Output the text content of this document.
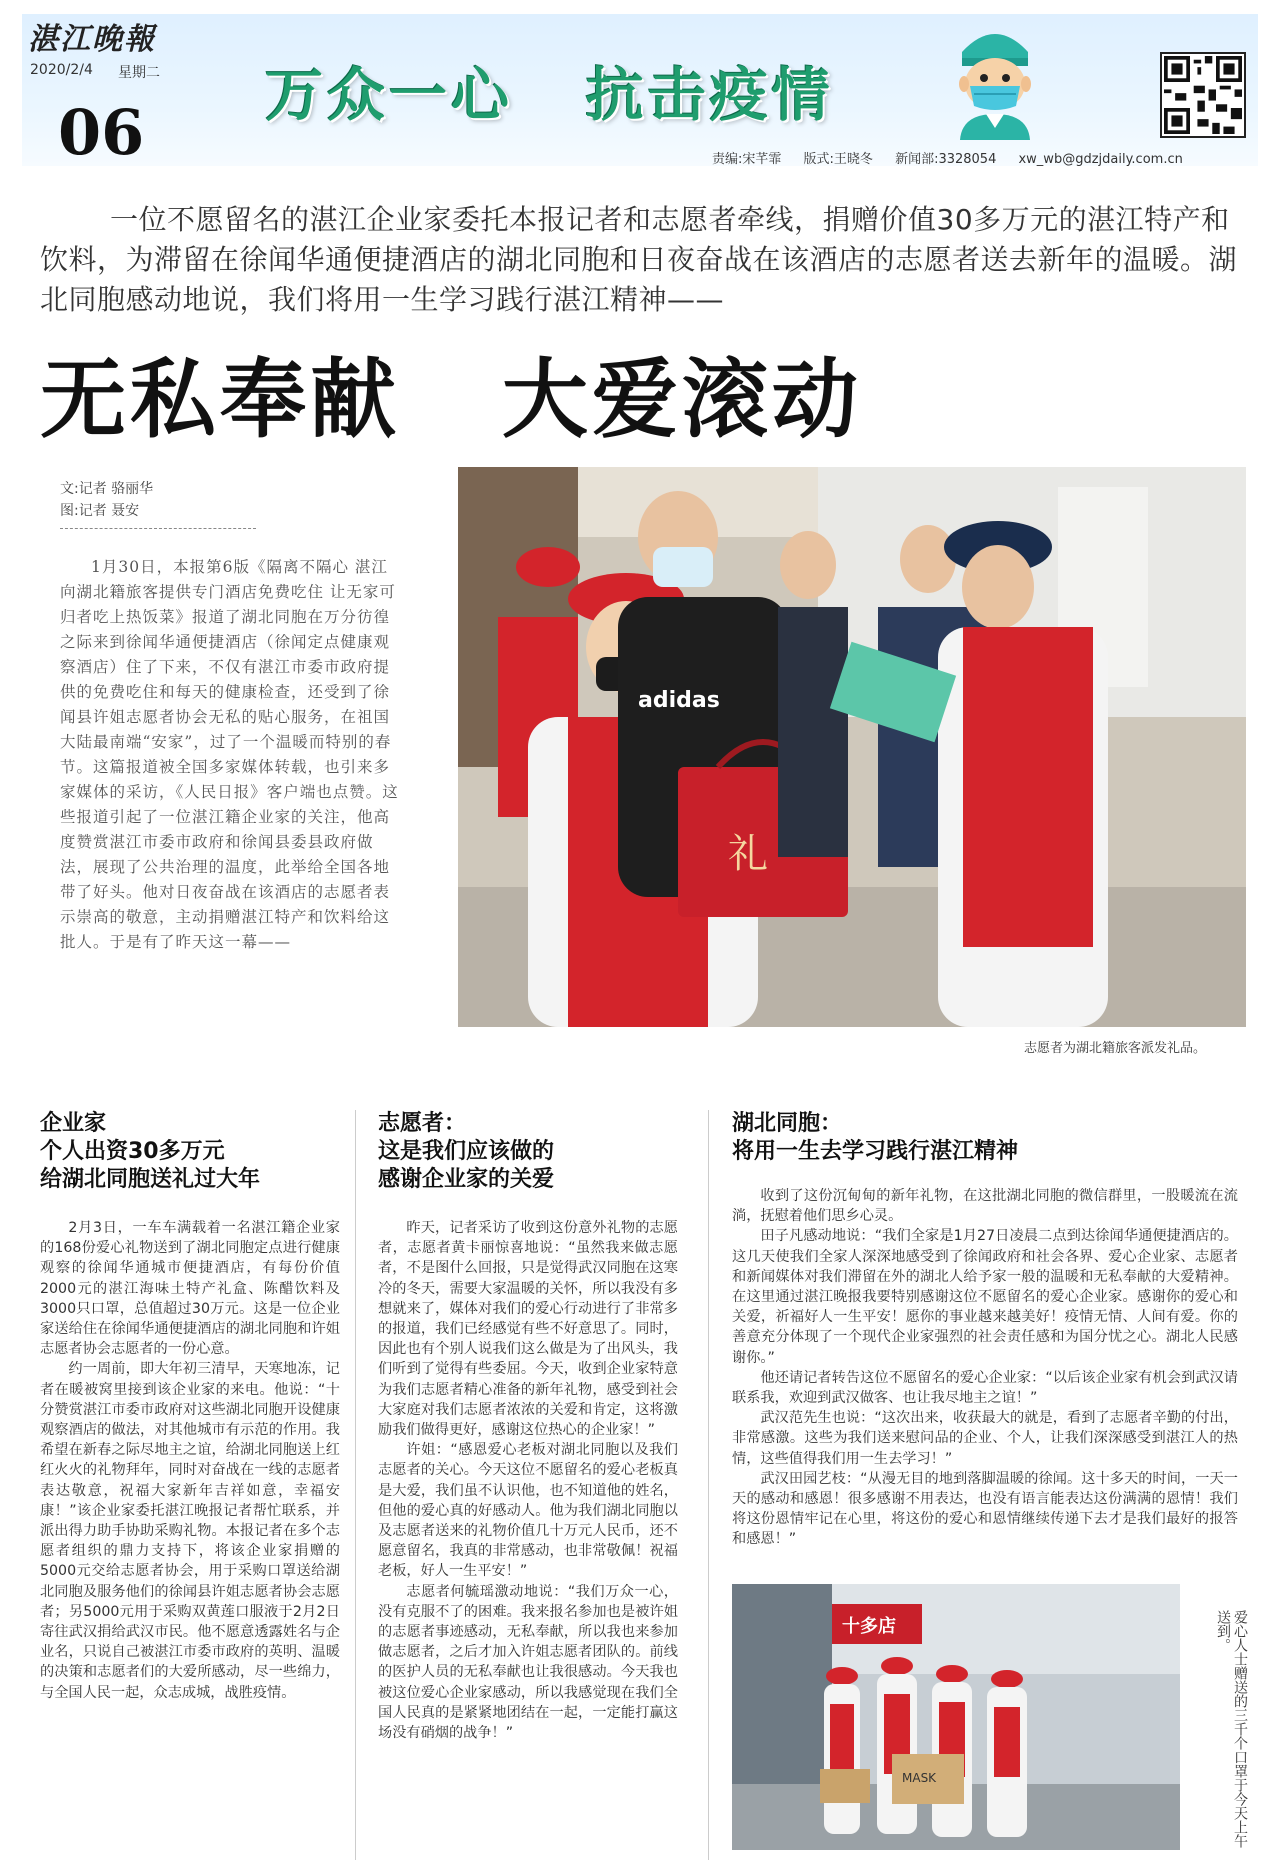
湛江晚報
2020/2/4 星期二
06
万众一心   抗击疫情
责编:宋芊霏 版式:王晓冬 新闻部:3328054 xw_wb@gdzjdaily.com.cn
一位不愿留名的湛江企业家委托本报记者和志愿者牵线，捐赠价值30多万元的湛江特产和饮料，为滞留在徐闻华通便捷酒店的湖北同胞和日夜奋战在该酒店的志愿者送去新年的温暖。湖北同胞感动地说，我们将用一生学习践行湛江精神——
无私奉献   大爱滚动
文:记者 骆丽华
图:记者 聂安
1月30日，本报第6版《隔离不隔心 湛江向湖北籍旅客提供专门酒店免费吃住 让无家可归者吃上热饭菜》报道了湖北同胞在万分彷徨之际来到徐闻华通便捷酒店（徐闻定点健康观察酒店）住了下来，不仅有湛江市委市政府提供的免费吃住和每天的健康检查，还受到了徐闻县许姐志愿者协会无私的贴心服务，在祖国大陆最南端“安家”，过了一个温暖而特别的春节。这篇报道被全国多家媒体转载，也引来多家媒体的采访，《人民日报》客户端也点赞。这些报道引起了一位湛江籍企业家的关注，他高度赞赏湛江市委市政府和徐闻县委县政府做法，展现了公共治理的温度，此举给全国各地带了好头。他对日夜奋战在该酒店的志愿者表示崇高的敬意，主动捐赠湛江特产和饮料给这批人。于是有了昨天这一幕——
adidas
礼
志愿者为湖北籍旅客派发礼品。
企业家
个人出资30多万元
给湖北同胞送礼过大年

2月3日，一车车满载着一名湛江籍企业家的168份爱心礼物送到了湖北同胞定点进行健康观察的徐闻华通城市便捷酒店，有每份价值2000元的湛江海味土特产礼盒、陈醋饮料及3000只口罩，总值超过30万元。这是一位企业家送给住在徐闻华通便捷酒店的湖北同胞和许姐志愿者协会志愿者的一份心意。

约一周前，即大年初三清早，天寒地冻，记者在暖被窝里接到该企业家的来电。他说：“十分赞赏湛江市委市政府对这些湖北同胞开设健康观察酒店的做法，对其他城市有示范的作用。我希望在新春之际尽地主之谊，给湖北同胞送上红红火火的礼物拜年，同时对奋战在一线的志愿者表达敬意，祝福大家新年吉祥如意，幸福安康！”该企业家委托湛江晚报记者帮忙联系，并派出得力助手协助采购礼物。本报记者在多个志愿者组织的鼎力支持下，将该企业家捐赠的5000元交给志愿者协会，用于采购口罩送给湖北同胞及服务他们的徐闻县许姐志愿者协会志愿者；另5000元用于采购双黄莲口服液于2月2日寄往武汉捐给武汉市民。他不愿意透露姓名与企业名，只说自己被湛江市委市政府的英明、温暖的决策和志愿者们的大爱所感动，尽一些绵力，与全国人民一起，众志成城，战胜疫情。

志愿者：
这是我们应该做的
感谢企业家的关爱

昨天，记者采访了收到这份意外礼物的志愿者，志愿者黄卡丽惊喜地说：“虽然我来做志愿者，不是图什么回报，只是觉得武汉同胞在这寒冷的冬天，需要大家温暖的关怀，所以我没有多想就来了，媒体对我们的爱心行动进行了非常多的报道，我们已经感觉有些不好意思了。同时，因此也有个别人说我们这么做是为了出风头，我们听到了觉得有些委屈。今天，收到企业家特意为我们志愿者精心准备的新年礼物，感受到社会大家庭对我们志愿者浓浓的关爱和肯定，这将激励我们做得更好，感谢这位热心的企业家！”

许姐：“感恩爱心老板对湖北同胞以及我们志愿者的关心。今天这位不愿留名的爱心老板真是大爱，我们虽不认识他，也不知道他的姓名，但他的爱心真的好感动人。他为我们湖北同胞以及志愿者送来的礼物价值几十万元人民币，还不愿意留名，我真的非常感动，也非常敬佩！祝福老板，好人一生平安！”

志愿者何毓瑶激动地说：“我们万众一心，没有克服不了的困难。我来报名参加也是被许姐的志愿者事迹感动，无私奉献，所以我也来参加做志愿者，之后才加入许姐志愿者团队的。前线的医护人员的无私奉献也让我很感动。今天我也被这位爱心企业家感动，所以我感觉现在我们全国人民真的是紧紧地团结在一起，一定能打赢这场没有硝烟的战争！”

湖北同胞：
将用一生去学习践行湛江精神

收到了这份沉甸甸的新年礼物，在这批湖北同胞的微信群里，一股暖流在流淌，抚慰着他们思乡心灵。

田子凡感动地说：“我们全家是1月27日凌晨二点到达徐闻华通便捷酒店的。这几天使我们全家人深深地感受到了徐闻政府和社会各界、爱心企业家、志愿者和新闻媒体对我们滞留在外的湖北人给予家一般的温暖和无私奉献的大爱精神。在这里通过湛江晚报我要特别感谢这位不愿留名的爱心企业家。感谢你的爱心和关爱，祈福好人一生平安！愿你的事业越来越美好！疫情无情、人间有爱。你的善意充分体现了一个现代企业家强烈的社会责任感和为国分忧之心。湖北人民感谢你。”

他还请记者转告这位不愿留名的爱心企业家：“以后该企业家有机会到武汉请联系我，欢迎到武汉做客、也让我尽地主之谊！”

武汉范先生也说：“这次出来，收获最大的就是，看到了志愿者辛勤的付出，非常感激。这些为我们送来慰问品的企业、个人，让我们深深感受到湛江人的热情，这些值得我们用一生去学习！”

武汉田园艺枝：“从漫无目的地到落脚温暖的徐闻。这十多天的时间，一天一天的感动和感恩！很多感谢不用表达，也没有语言能表达这份满满的恩情！我们将这份恩情牢记在心里，将这份的爱心和恩情继续传递下去才是我们最好的报答和感恩！”

十多店
MASK	爱心人士赠送的三千个口罩于今天上午送到。
